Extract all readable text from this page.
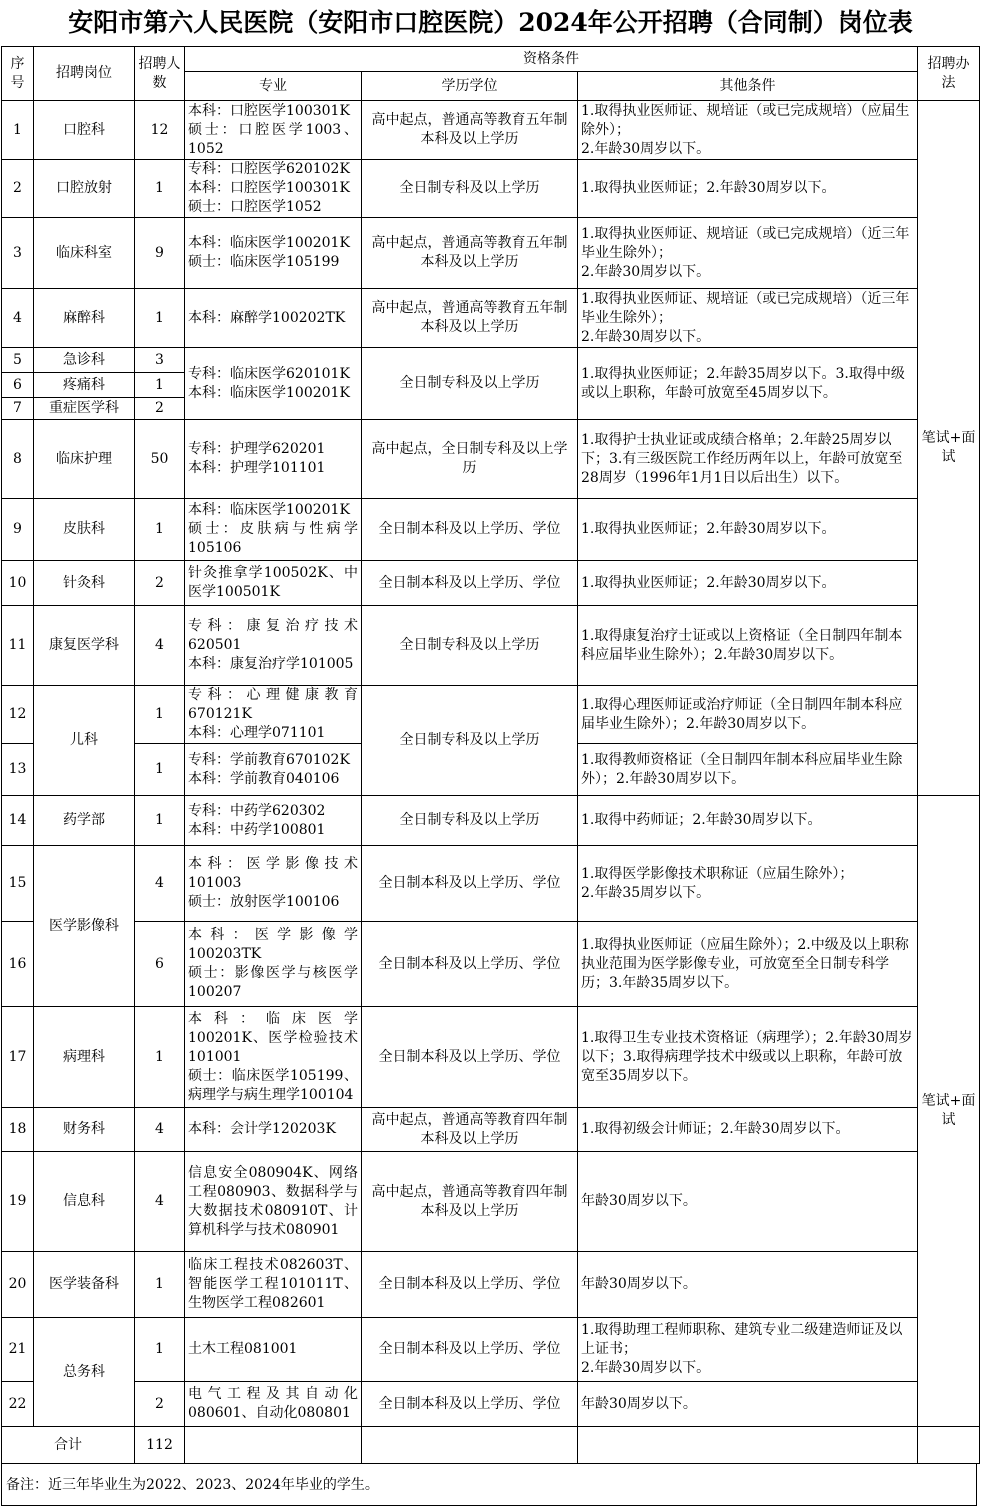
安阳市第六人民医院（安阳市口腔医院）2024年公开招聘（合同制）岗位表
序号	招聘岗位	招聘人数	资格条件			招聘办法
			专业	学历学位	其他条件	
1	口腔科	12	本科：口腔医学100301K
硕士：口腔医学1003、1052	高中起点，普通高等教育五年制本科及以上学历	1.取得执业医师证、规培证（或已完成规培）（应届生除外）；
2.年龄30周岁以下。	笔试+面试
2	口腔放射	1	专科：口腔医学620102K
本科：口腔医学100301K
硕士：口腔医学1052	全日制专科及以上学历	1.取得执业医师证；2.年龄30周岁以下。	
3	临床科室	9	本科：临床医学100201K
硕士：临床医学105199	高中起点，普通高等教育五年制本科及以上学历	1.取得执业医师证、规培证（或已完成规培）（近三年毕业生除外）；
2.年龄30周岁以下。	
4	麻醉科	1	本科：麻醉学100202TK	高中起点，普通高等教育五年制本科及以上学历	1.取得执业医师证、规培证（或已完成规培）（近三年毕业生除外）；
2.年龄30周岁以下。	
5	急诊科	3	专科：临床医学620101K
本科：临床医学100201K	全日制专科及以上学历	1.取得执业医师证；2.年龄35周岁以下。3.取得中级或以上职称，年龄可放宽至45周岁以下。	
6	疼痛科	1				
7	重症医学科	2				
8	临床护理	50	专科：护理学620201
本科：护理学101101	高中起点，全日制专科及以上学历	1.取得护士执业证或成绩合格单；2.年龄25周岁以下；3.有三级医院工作经历两年以上，年龄可放宽至28周岁（1996年1月1日以后出生）以下。	
9	皮肤科	1	本科：临床医学100201K
硕士：皮肤病与性病学105106	全日制本科及以上学历、学位	1.取得执业医师证；2.年龄30周岁以下。	
10	针灸科	2	针灸推拿学100502K、中医学100501K	全日制本科及以上学历、学位	1.取得执业医师证；2.年龄30周岁以下。	
11	康复医学科	4	专科：康复治疗技术620501
本科：康复治疗学101005	全日制专科及以上学历	1.取得康复治疗士证或以上资格证（全日制四年制本科应届毕业生除外）；2.年龄30周岁以下。	
12	儿科	1	专科：心理健康教育670121K
本科：心理学071101	全日制专科及以上学历	1.取得心理医师证或治疗师证（全日制四年制本科应届毕业生除外）；2.年龄30周岁以下。	
13		1	专科：学前教育670102K
本科：学前教育040106		1.取得教师资格证（全日制四年制本科应届毕业生除外）；2.年龄30周岁以下。	
14	药学部	1	专科：中药学620302
本科：中药学100801	全日制专科及以上学历	1.取得中药师证；2.年龄30周岁以下。	笔试+面试
15	医学影像科	4	本科：医学影像技术101003
硕士：放射医学100106	全日制本科及以上学历、学位	1.取得医学影像技术职称证（应届生除外）；
2.年龄35周岁以下。	
16		6	本科：医学影像学100203TK
硕士：影像医学与核医学100207	全日制本科及以上学历、学位	1.取得执业医师证（应届生除外）；2.中级及以上职称执业范围为医学影像专业，可放宽至全日制专科学历；3.年龄35周岁以下。	
17	病理科	1	本科：临床医学100201K、医学检验技术101001
硕士：临床医学105199、病理学与病生理学100104	全日制本科及以上学历、学位	1.取得卫生专业技术资格证（病理学）；2.年龄30周岁以下；3.取得病理学技术中级或以上职称，年龄可放宽至35周岁以下。	
18	财务科	4	本科：会计学120203K	高中起点，普通高等教育四年制本科及以上学历	1.取得初级会计师证；2.年龄30周岁以下。	
19	信息科	4	信息安全080904K、网络工程080903、数据科学与大数据技术080910T、计算机科学与技术080901	高中起点，普通高等教育四年制本科及以上学历	年龄30周岁以下。	
20	医学装备科	1	临床工程技术082603T、智能医学工程101011T、生物医学工程082601	全日制本科及以上学历、学位	年龄30周岁以下。	
21	总务科	1	土木工程081001	全日制本科及以上学历、学位	1.取得助理工程师职称、建筑专业二级建造师证及以上证书；
2.年龄30周岁以下。	
22		2	电气工程及其自动化080601、自动化080801	全日制本科及以上学历、学位	年龄30周岁以下。	
合计		112				
备注：近三年毕业生为2022、2023、2024年毕业的学生。
